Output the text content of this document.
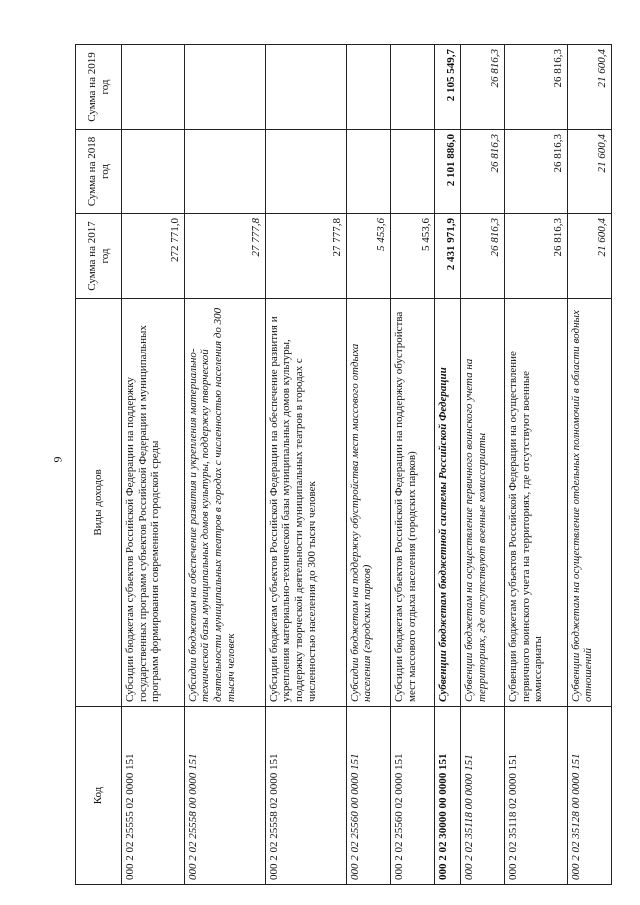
9
Код	Виды доходов	Сумма на 2017 год	Сумма на 2018 год	Сумма на 2019 год
000 2 02 25555 02 0000 151	Субсидии бюджетам субъектов Российской Федерации на поддержку государственных программ субъектов Российской Федерации и муниципальных программ формирования современной городской среды	272 771,0		
000 2 02 25558 00 0000 151	Субсидии бюджетам на обеспечение развития и укрепления материально-технической базы муниципальных домов культуры, поддержку творческой деятельности муниципальных театров в городах с численностью населения до 300 тысяч человек	27 777,8		
000 2 02 25558 02 0000 151	Субсидии бюджетам субъектов Российской Федерации на обеспечение развития и укрепления материально-технической базы муниципальных домов культуры, поддержку творческой деятельности муниципальных театров в городах с численностью населения до 300 тысяч человек	27 777,8		
000 2 02 25560 00 0000 151	Субсидии бюджетам на поддержку обустройства мест массового отдыха населения (городских парков)	5 453,6		
000 2 02 25560 02 0000 151	Субсидии бюджетам субъектов Российской Федерации на поддержку обустройства мест массового отдыха населения (городских парков)	5 453,6		
000 2 02 30000 00 0000 151	Субвенции бюджетам бюджетной системы Российской Федерации	2 431 971,9	2 101 886,0	2 105 549,7
000 2 02 35118 00 0000 151	Субвенции бюджетам на осуществление первичного воинского учета на территориях, где отсутствуют военные комиссариаты	26 816,3	26 816,3	26 816,3
000 2 02 35118 02 0000 151	Субвенции бюджетам субъектов Российской Федерации на осуществление первичного воинского учета на территориях, где отсутствуют военные комиссариаты	26 816,3	26 816,3	26 816,3
000 2 02 35128 00 0000 151	Субвенции бюджетам на осуществление отдельных полномочий в области водных отношений	21 600,4	21 600,4	21 600,4
